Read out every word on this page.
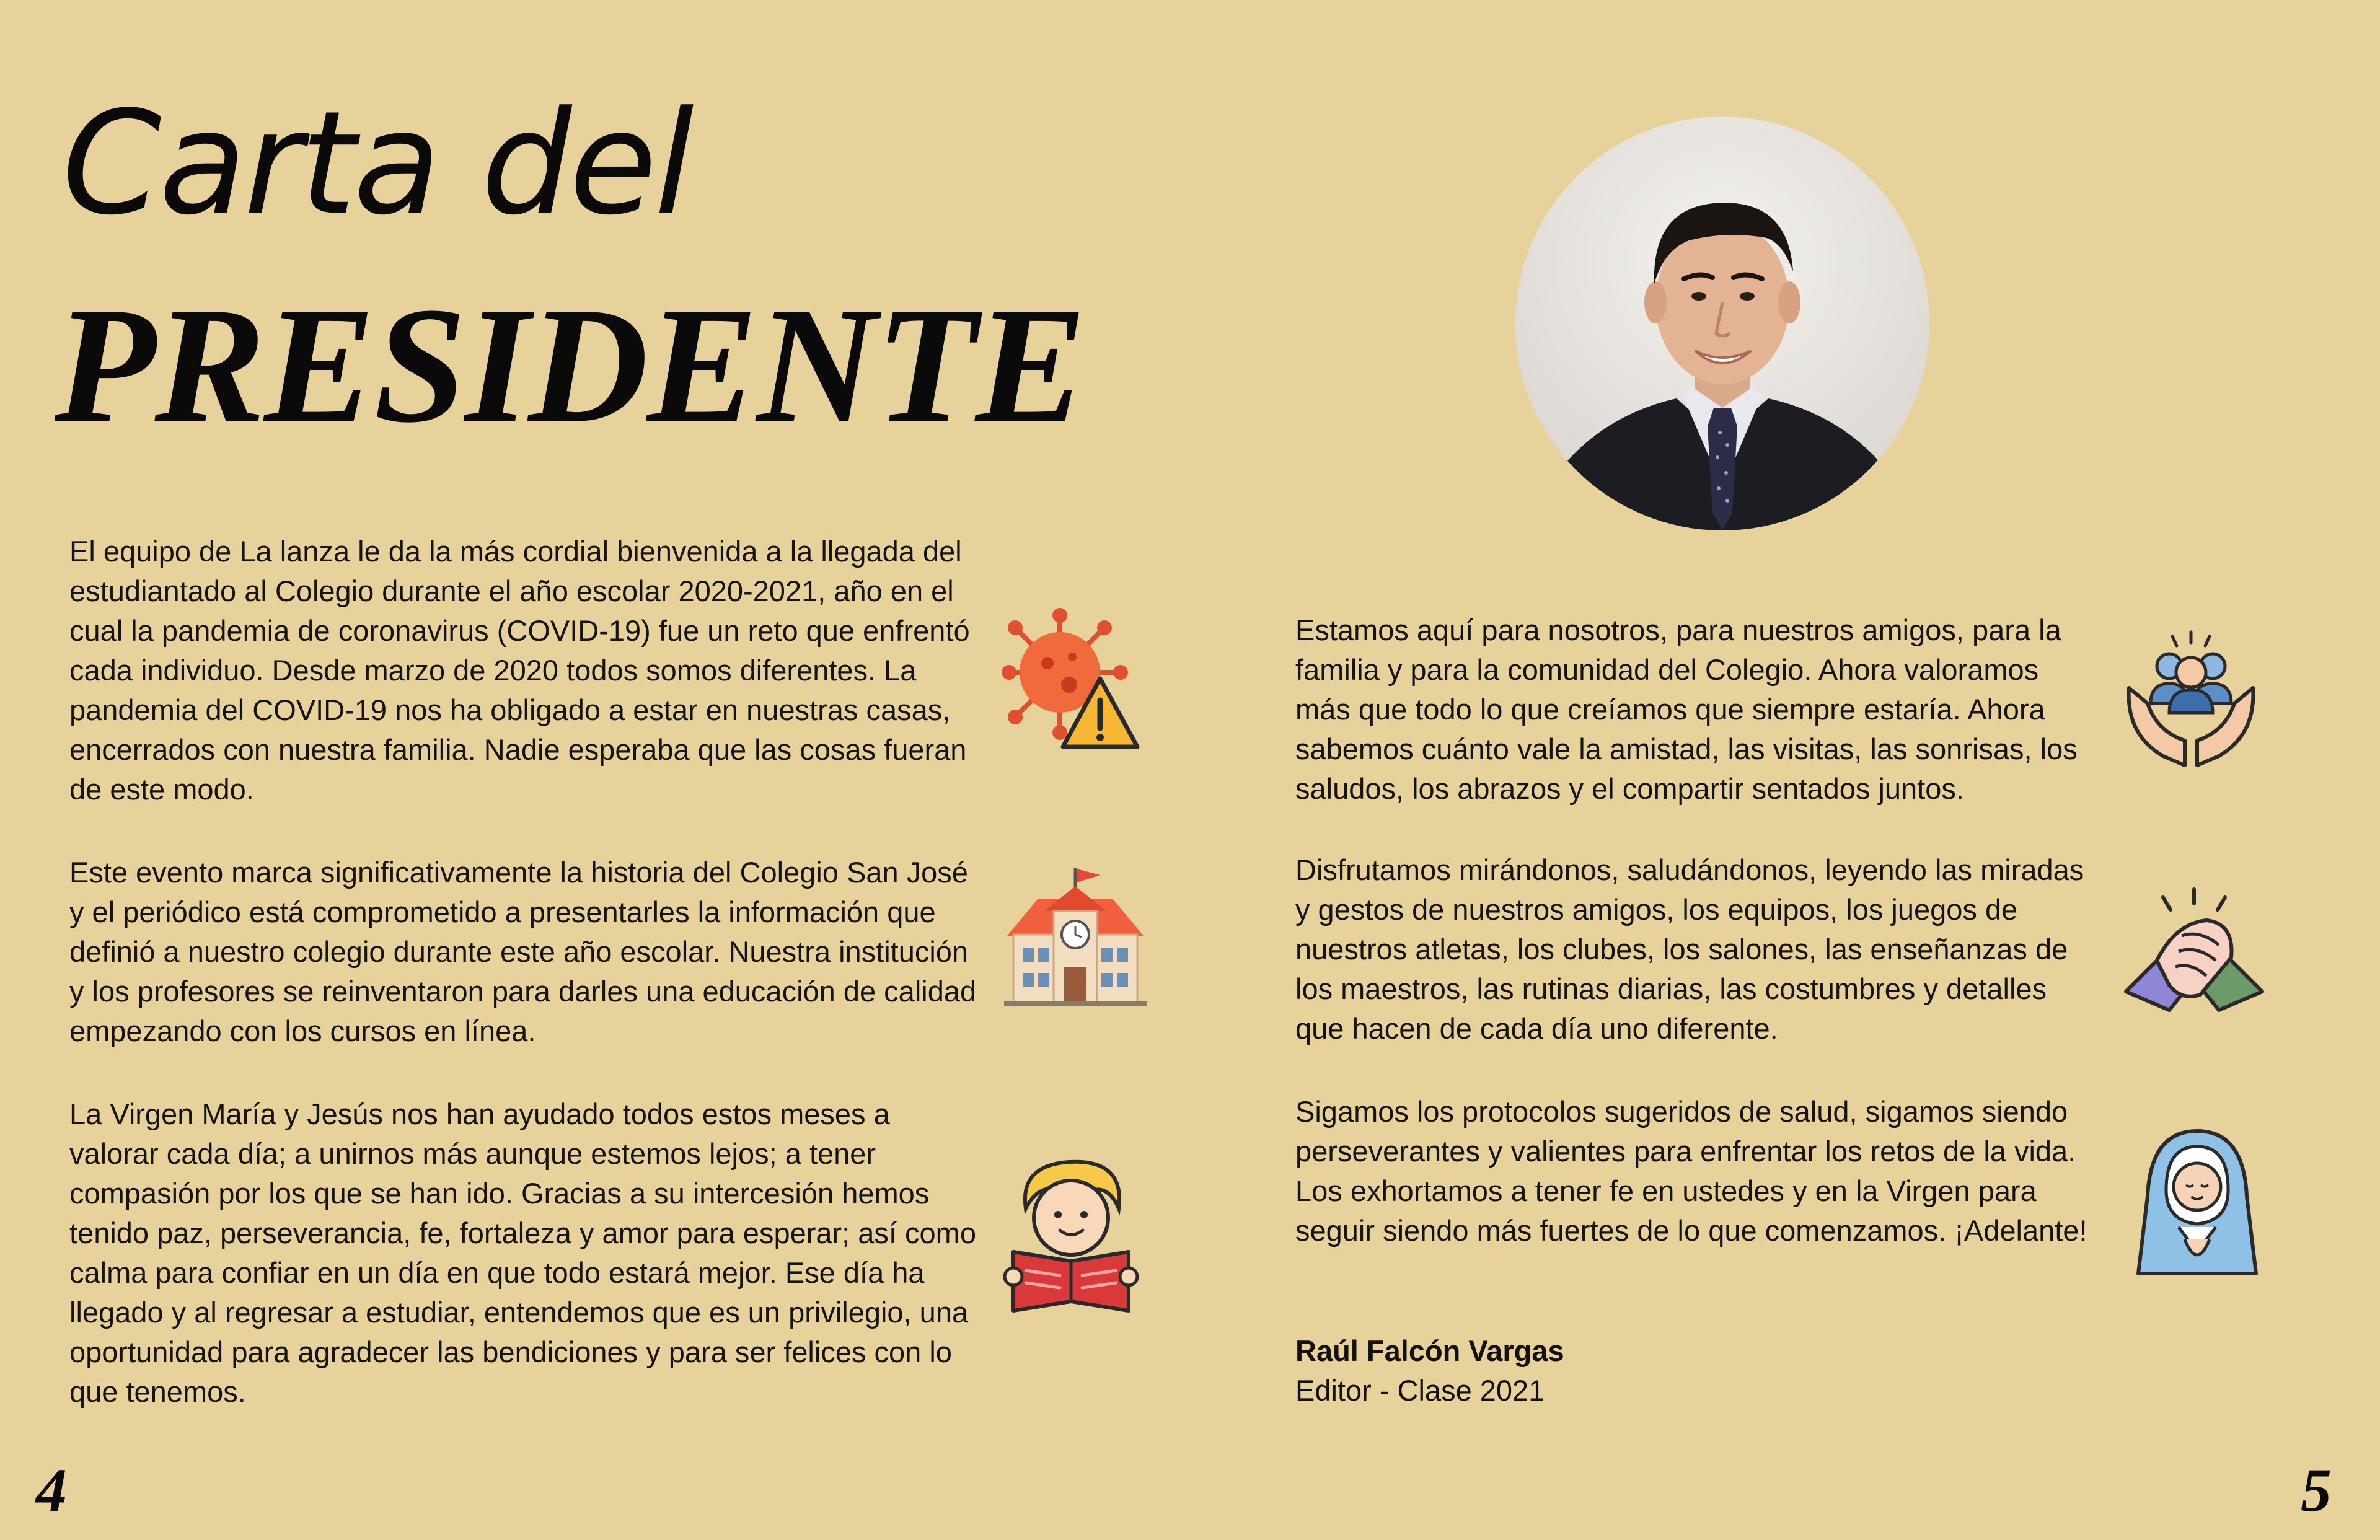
Carta del
PRESIDENTE

El equipo de La lanza le da la más cordial bienvenida a la llegada del estudiantado al Colegio durante el año escolar 2020-2021, año en el cual la pandemia de coronavirus (COVID-19) fue un reto que enfrentó cada individuo. Desde marzo de 2020 todos somos diferentes. La pandemia del COVID-19 nos ha obligado a estar en nuestras casas, encerrados con nuestra familia. Nadie esperaba que las cosas fueran de este modo.

Este evento marca significativamente la historia del Colegio San José y el periódico está comprometido a presentarles la información que definió a nuestro colegio durante este año escolar. Nuestra institución y los profesores se reinventaron para darles una educación de calidad empezando con los cursos en línea.

La Virgen María y Jesús nos han ayudado todos estos meses a valorar cada día; a unirnos más aunque estemos lejos; a tener compasión por los que se han ido. Gracias a su intercesión hemos tenido paz, perseverancia, fe, fortaleza y amor para esperar; así como calma para confiar en un día en que todo estará mejor. Ese día ha llegado y al regresar a estudiar, entendemos que es un privilegio, una oportunidad para agradecer las bendiciones y para ser felices con lo que tenemos.

Estamos aquí para nosotros, para nuestros amigos, para la familia y para la comunidad del Colegio. Ahora valoramos más que todo lo que creíamos que siempre estaría. Ahora sabemos cuánto vale la amistad, las visitas, las sonrisas, los saludos, los abrazos y el compartir sentados juntos.

Disfrutamos mirándonos, saludándonos, leyendo las miradas y gestos de nuestros amigos, los equipos, los juegos de nuestros atletas, los clubes, los salones, las enseñanzas de los maestros, las rutinas diarias, las costumbres y detalles que hacen de cada día uno diferente.

Sigamos los protocolos sugeridos de salud, sigamos siendo perseverantes y valientes para enfrentar los retos de la vida. Los exhortamos a tener fe en ustedes y en la Virgen para seguir siendo más fuertes de lo que comenzamos. ¡Adelante!

Raúl Falcón Vargas
Editor - Clase 2021
4	5
